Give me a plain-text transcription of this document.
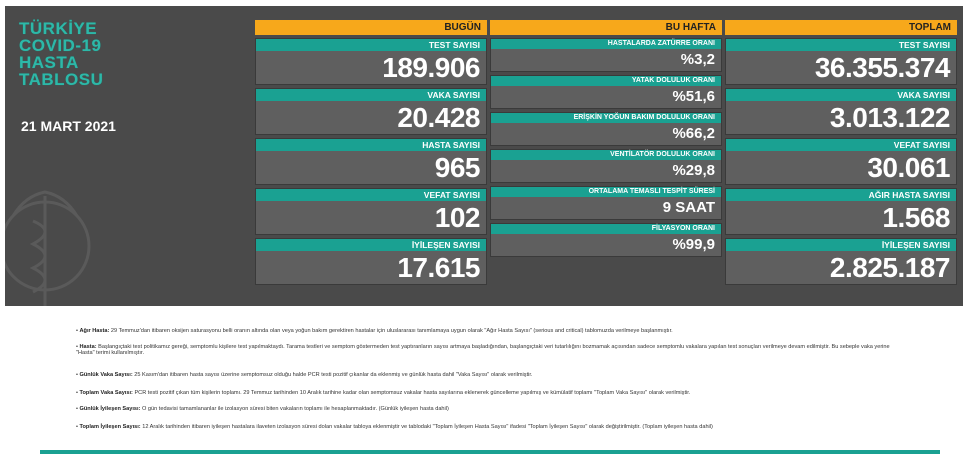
TÜRKİYE
COVID-19
HASTA
TABLOSU
21 MART 2021
BUGÜN
TEST SAYISI
189.906
VAKA SAYISI
20.428
HASTA SAYISI
965
VEFAT SAYISI
102
İYİLEŞEN SAYISI
17.615
BU HAFTA
HASTALARDA ZATÜRRE ORANI
%3,2
YATAK DOLULUK ORANI
%51,6
ERİŞKİN YOĞUN BAKIM DOLULUK ORANI
%66,2
VENTİLATÖR DOLULUK ORANI
%29,8
ORTALAMA TEMASLI TESPİT SÜRESİ
9 SAAT
FİLYASYON ORANI
%99,9
TOPLAM
TEST SAYISI
36.355.374
VAKA SAYISI
3.013.122
VEFAT SAYISI
30.061
AĞIR HASTA SAYISI
1.568
İYİLEŞEN SAYISI
2.825.187
• Ağır Hasta: 29 Temmuz'dan itibaren oksijen saturasyonu belli oranın altında olan veya yoğun bakım gerektiren hastalar için uluslararası tanımlamaya uygun olarak "Ağır Hasta Sayısı" (serious and critical) tablomuzda verilmeye başlanmıştır.
• Hasta: Başlangıçtaki test politikamız gereği, semptomlu kişilere test yapılmaktaydı. Tarama testleri ve semptom göstermeden test yaptıranların sayısı artmaya başladığından, başlangıçtaki veri tutarlılığını bozmamak açısından sadece semptomlu vakalara yapılan test sonuçları verilmeye devam edilmiştir. Bu sebeple vaka yerine "Hasta" terimi kullanılmıştır.
• Günlük Vaka Sayısı: 25 Kasım'dan itibaren hasta sayısı üzerine semptomsuz olduğu halde PCR testi pozitif çıkanlar da eklenmiş ve günlük hasta dahil "Vaka Sayısı" olarak verilmiştir.
• Toplam Vaka Sayısı: PCR testi pozitif çıkan tüm kişilerin toplamı. 29 Temmuz tarihinden 10 Aralık tarihine kadar olan semptomsuz vakalar hasta sayılarına eklenerek güncelleme yapılmış ve kümülatif toplamı "Toplam Vaka Sayısı" olarak verilmiştir.
• Günlük İyileşen Sayısı: O gün tedavisi tamamlananlar ile izolasyon süresi biten vakaların toplamı ile hesaplanmaktadır. (Günlük iyileşen hasta dahil)
• Toplam İyileşen Sayısı: 12 Aralık tarihinden itibaren iyileşen hastalara ilaveten izolasyon süresi dolan vakalar tabloya eklenmiştir ve tablodaki "Toplam İyileşen Hasta Sayısı" ifadesi "Toplam İyileşen Sayısı" olarak değiştirilmiştir. (Toplam iyileşen hasta dahil)
